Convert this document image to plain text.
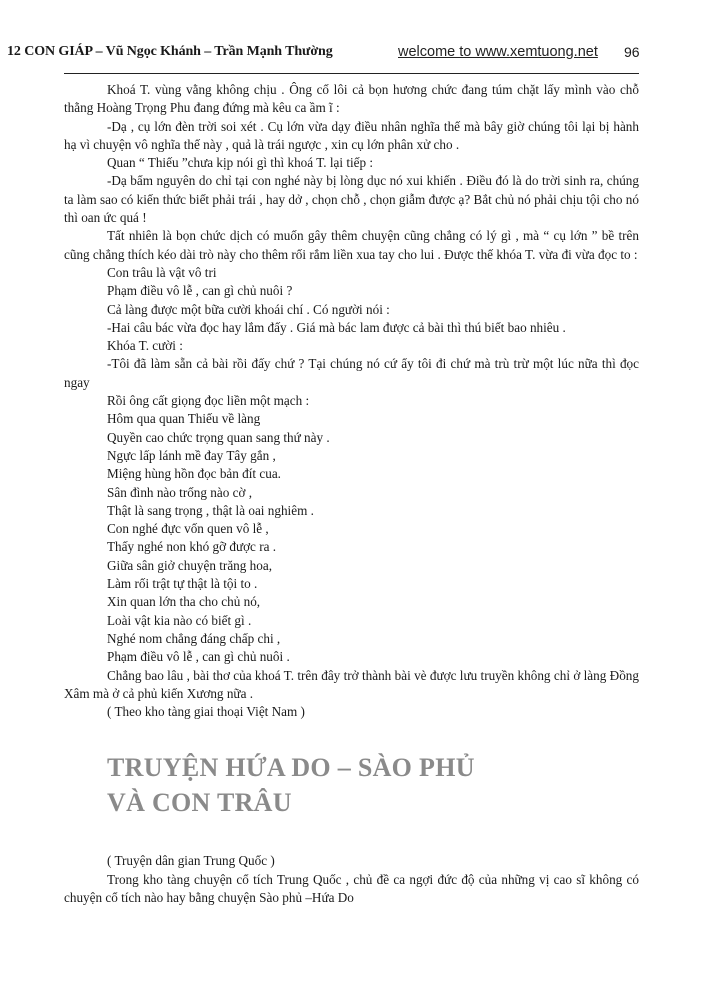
12 CON GIÁP – Vũ Ngọc Khánh – Trần Mạnh Thường	welcome to www.xemtuong.net 96

Khoá T. vùng vằng không chịu . Ông cố lôi cả bọn hương chức đang túm chặt lấy mình vào chỗ thằng Hoàng Trọng Phu đang đứng mà kêu ca ầm ĩ :

-Dạ , cụ lớn đèn trời soi xét . Cụ lớn vừa dạy điều nhân nghĩa thế mà bây giờ chúng tôi lại bị hành hạ vì chuyện vô nghĩa thế này , quả là trái ngược , xin cụ lớn phân xử cho .

Quan “ Thiếu ”chưa kịp nói gì thì khoá T. lại tiếp :

-Dạ bẩm nguyên do chỉ tại con nghé này bị lòng dục nó xui khiến . Điều đó là do trời sinh ra, chúng ta làm sao có kiến thức biết phải trái , hay dở , chọn chỗ , chọn giẫm được ạ? Bắt chủ nó phải chịu tội cho nó thì oan ức quá !

Tất nhiên là bọn chức dịch có muốn gây thêm chuyện cũng chẳng có lý gì , mà “ cụ lớn ” bề trên cũng chẳng thích kéo dài trò này cho thêm rối rắm liền xua tay cho lui . Được thế khóa T. vừa đi vừa đọc to :

Con trâu là vật vô tri

Phạm điều vô lễ , can gì chủ nuôi ?

Cả làng được một bữa cười khoái chí . Có người nói :

-Hai câu bác vừa đọc hay lắm đấy . Giá mà bác lam được cả bài thì thú biết bao nhiêu .

Khóa T. cười :

-Tôi đã làm sẵn cả bài rồi đấy chứ ? Tại chúng nó cứ ẩy tôi đi chứ mà trù trừ một lúc nữa thì đọc ngay

Rồi ông cất giọng đọc liền một mạch :

Hôm qua quan Thiếu về làng

Quyền cao chức trọng quan sang thứ này .

Ngực lấp lánh mề đay Tây gắn ,

Miệng hùng hồn đọc bản đít cua.

Sân đình nào trống nào cờ ,

Thật là sang trọng , thật là oai nghiêm .

Con nghé đực vốn quen vô lễ ,

Thấy nghé non khó gỡ được ra .

Giữa sân giở chuyện trăng hoa,

Làm rối trật tự thật là tội to .

Xin quan lớn tha cho chủ nó,

Loài vật kia nào có biết gì .

Nghé nom chẳng đáng chấp chi ,

Phạm điều vô lễ , can gì chủ nuôi .

Chẳng bao lâu , bài thơ của khoá T. trên đây trở thành bài vè được lưu truyền không chỉ ở làng Đồng Xâm mà ở cả phủ kiến Xương nữa .

( Theo kho tàng giai thoại Việt Nam )

TRUYỆN HỨA DO – SÀO PHỦ
VÀ CON TRÂU

( Truyện dân gian Trung Quốc )

Trong kho tàng chuyện cổ tích Trung Quốc , chủ đề ca ngợi đức độ của những vị cao sĩ không có chuyện cổ tích nào hay bằng chuyện Sào phủ –Hứa Do
